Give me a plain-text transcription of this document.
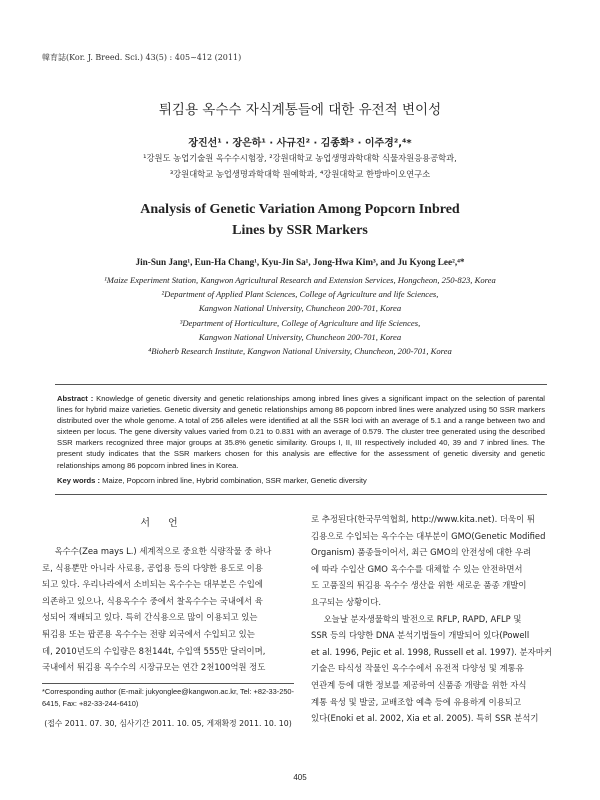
韓育誌(Kor. J. Breed. Sci.) 43(5) : 405~412 (2011)
튀김용 옥수수 자식계통들에 대한 유전적 변이성
장진선¹ · 장은하¹ · 사규진² · 김종화³ · 이주경²,⁴*
¹강원도 농업기술원 옥수수시험장, ²강원대학교 농업생명과학대학 식물자원응용공학과,
³강원대학교 농업생명과학대학 원예학과, ⁴강원대학교 한방바이오연구소
Analysis of Genetic Variation Among Popcorn Inbred
Lines by SSR Markers
Jin-Sun Jang¹, Eun-Ha Chang¹, Kyu-Jin Sa¹, Jong-Hwa Kim³, and Ju Kyong Lee²,⁴*
¹Maize Experiment Station, Kangwon Agricultural Research and Extension Services, Hongcheon, 250-823, Korea
²Department of Applied Plant Sciences, College of Agriculture and life Sciences,
Kangwon National University, Chuncheon 200-701, Korea
³Department of Horticulture, College of Agriculture and life Sciences,
Kangwon National University, Chuncheon 200-701, Korea
⁴Bioherb Research Institute, Kangwon National University, Chuncheon, 200-701, Korea
Abstract : Knowledge of genetic diversity and genetic relationships among inbred lines gives a significant impact on the selection of parental lines for hybrid maize varieties. Genetic diversity and genetic relationships among 86 popcorn inbred lines were analyzed using 50 SSR markers distributed over the whole genome. A total of 256 alleles were identified at all the SSR loci with an average of 5.1 and a range between two and sixteen per locus. The gene diversity values varied from 0.21 to 0.831 with an average of 0.579. The cluster tree generated using the described SSR markers recognized three major groups at 35.8% genetic similarity. Groups I, II, III respectively included 40, 39 and 7 inbred lines. The present study indicates that the SSR markers chosen for this analysis are effective for the assessment of genetic diversity and genetic relationships among 86 popcorn inbred lines in Korea.
Key words : Maize, Popcorn inbred line, Hybrid combination, SSR marker, Genetic diversity
서언

옥수수(Zea mays L.) 세계적으로 중요한 식량작물 중 하나

로, 식용뿐만 아니라 사료용, 공업용 등의 다양한 용도로 이용

되고 있다. 우리나라에서 소비되는 옥수수는 대부분은 수입에

의존하고 있으나, 식용옥수수 중에서 찰옥수수는 국내에서 육

성되어 재배되고 있다. 특히 간식용으로 많이 이용되고 있는

튀김용 또는 팝콘용 옥수수는 전량 외국에서 수입되고 있는

데, 2010년도의 수입량은 8천144t, 수입액 555만 달러이며,

국내에서 튀김용 옥수수의 시장규모는 연간 2천100억원 정도

로 추정된다(한국무역협회, http://www.kita.net). 더욱이 튀

김용으로 수입되는 옥수수는 대부분이 GMO(Genetic Modified

Organism) 품종들이어서, 최근 GMO의 안전성에 대한 우려

에 따라 수입산 GMO 옥수수를 대체할 수 있는 안전하면서

도 고품질의 튀김용 옥수수 생산을 위한 새로운 품종 개발이

요구되는 상황이다.

오늘날 분자생물학의 발전으로 RFLP, RAPD, AFLP 및

SSR 등의 다양한 DNA 분석기법들이 개발되어 있다(Powell

et al. 1996, Pejic et al. 1998, Russell et al. 1997). 분자마커

기술은 타식성 작물인 옥수수에서 유전적 다양성 및 계통유

연관계 등에 대한 정보를 제공하여 신품종 개량을 위한 자식

계통 육성 및 발굴, 교배조합 예측 등에 유용하게 이용되고

있다(Enoki et al. 2002, Xia et al. 2005). 특히 SSR 분석기

*Corresponding author (E-mail: jukyonglee@kangwon.ac.kr, Tel: +82-33-250-6415, Fax: +82-33-244-6410)
(접수 2011. 07. 30, 심사기간 2011. 10. 05, 게재확정 2011. 10. 10)
405
